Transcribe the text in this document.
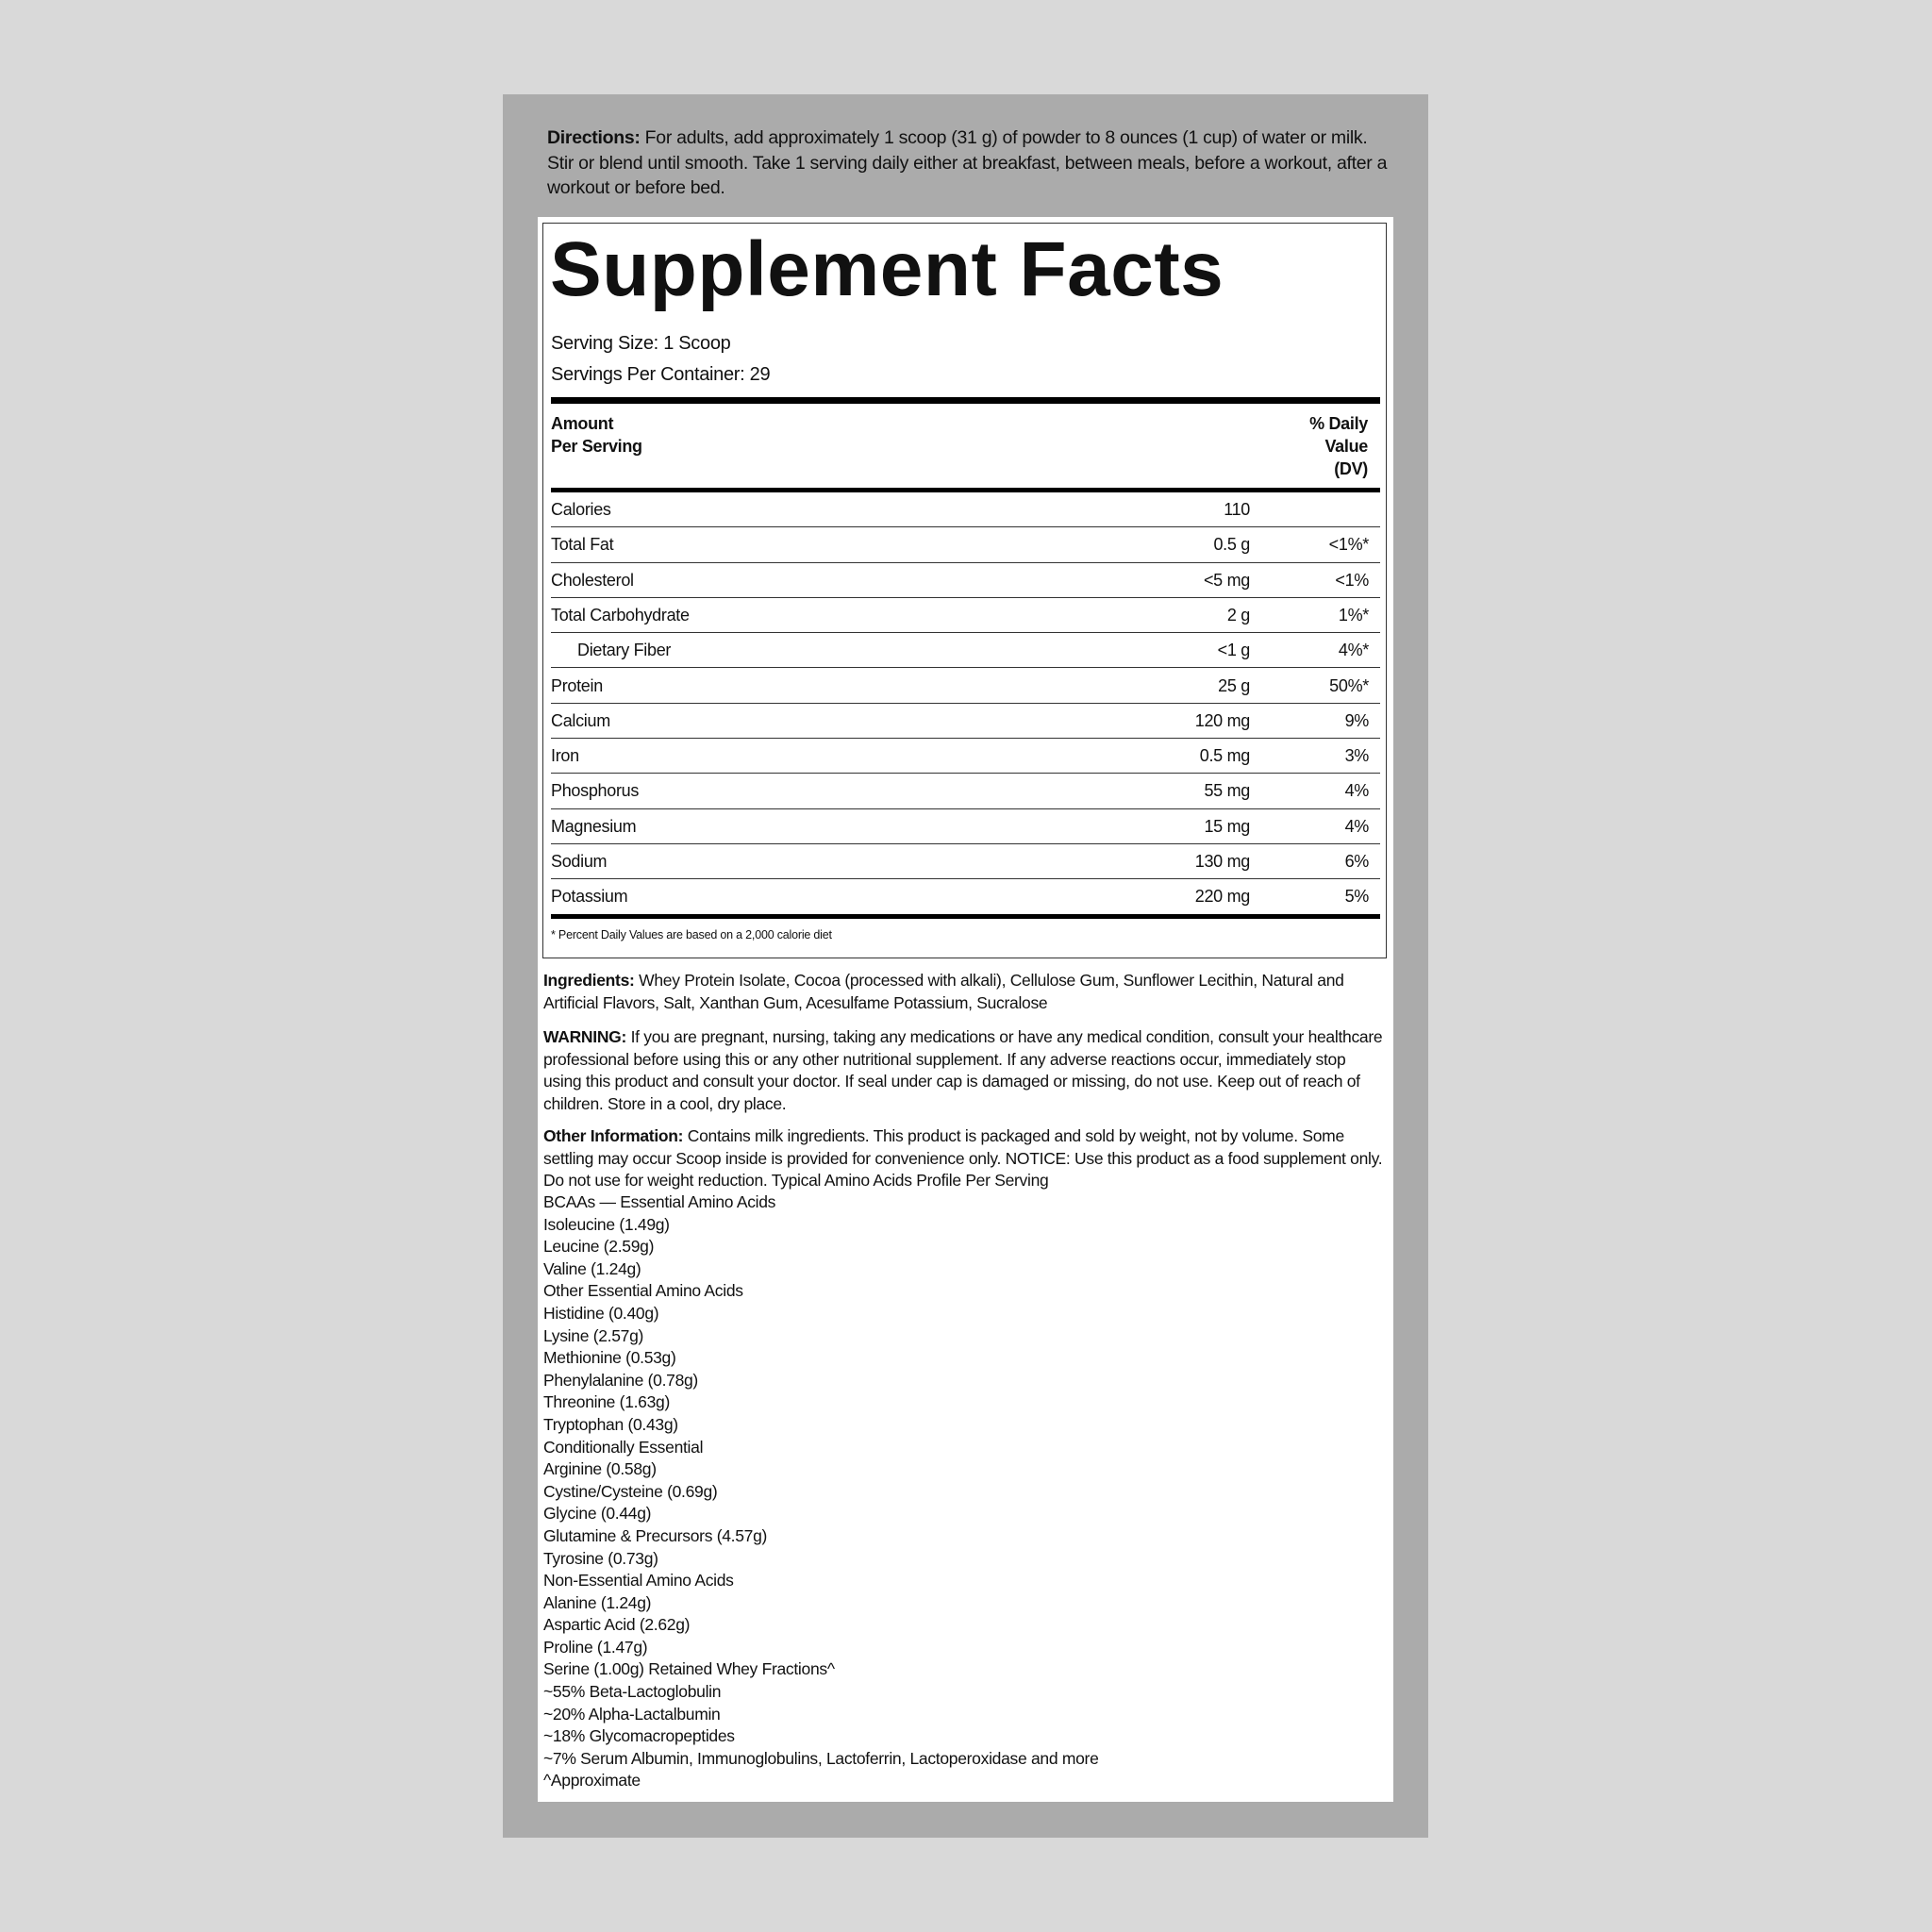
Directions: For adults, add approximately 1 scoop (31 g) of powder to 8 ounces (1 cup) of water or milk. Stir or blend until smooth. Take 1 serving daily either at breakfast, between meals, before a workout, after a workout or before bed.
Supplement Facts
Serving Size: 1 Scoop
Servings Per Container: 29
Amount
Per Serving
% Daily
Value
(DV)
Calories	110
Total Fat	0.5 g	<1%*
Cholesterol	<5 mg	<1%
Total Carbohydrate	2 g	1%*
Dietary Fiber	<1 g	4%*
Protein	25 g	50%*
Calcium	120 mg	9%
Iron	0.5 mg	3%
Phosphorus	55 mg	4%
Magnesium	15 mg	4%
Sodium	130 mg	6%
Potassium	220 mg	5%
* Percent Daily Values are based on a 2,000 calorie diet
Ingredients: Whey Protein Isolate, Cocoa (processed with alkali), Cellulose Gum, Sunflower Lecithin, Natural and Artificial Flavors, Salt, Xanthan Gum, Acesulfame Potassium, Sucralose
WARNING: If you are pregnant, nursing, taking any medications or have any medical condition, consult your healthcare professional before using this or any other nutritional supplement. If any adverse reactions occur, immediately stop using this product and consult your doctor. If seal under cap is damaged or missing, do not use. Keep out of reach of children. Store in a cool, dry place.
Other Information: Contains milk ingredients. This product is packaged and sold by weight, not by volume. Some settling may occur Scoop inside is provided for convenience only. NOTICE: Use this product as a food supplement only. Do not use for weight reduction. Typical Amino Acids Profile Per Serving
BCAAs — Essential Amino Acids
Isoleucine (1.49g)
Leucine (2.59g)
Valine (1.24g)
Other Essential Amino Acids
Histidine (0.40g)
Lysine (2.57g)
Methionine (0.53g)
Phenylalanine (0.78g)
Threonine (1.63g)
Tryptophan (0.43g)
Conditionally Essential
Arginine (0.58g)
Cystine/Cysteine (0.69g)
Glycine (0.44g)
Glutamine & Precursors (4.57g)
Tyrosine (0.73g)
Non-Essential Amino Acids
Alanine (1.24g)
Aspartic Acid (2.62g)
Proline (1.47g)
Serine (1.00g) Retained Whey Fractions^
~55% Beta-Lactoglobulin
~20% Alpha-Lactalbumin
~18% Glycomacropeptides
~7% Serum Albumin, Immunoglobulins, Lactoferrin, Lactoperoxidase and more
^Approximate
